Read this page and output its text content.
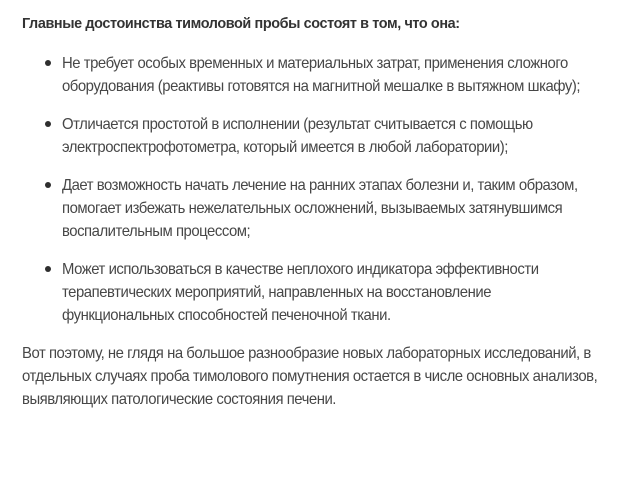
Главные достоинства тимоловой пробы состоят в том, что она:
Не требует особых временных и материальных затрат, применения сложного
оборудования (реактивы готовятся на магнитной мешалке в вытяжном шкафу);
Отличается простотой в исполнении (результат считывается с помощью
электроспектрофотометра, который имеется в любой лаборатории);
Дает возможность начать лечение на ранних этапах болезни и, таким образом,
помогает избежать нежелательных осложнений, вызываемых затянувшимся
воспалительным процессом;
Может использоваться в качестве неплохого индикатора эффективности
терапевтических мероприятий, направленных на восстановление
функциональных способностей печеночной ткани.

Вот поэтому, не глядя на большое разнообразие новых лабораторных исследований, в
отдельных случаях проба тимолового помутнения остается в числе основных анализов,
выявляющих патологические состояния печени.
